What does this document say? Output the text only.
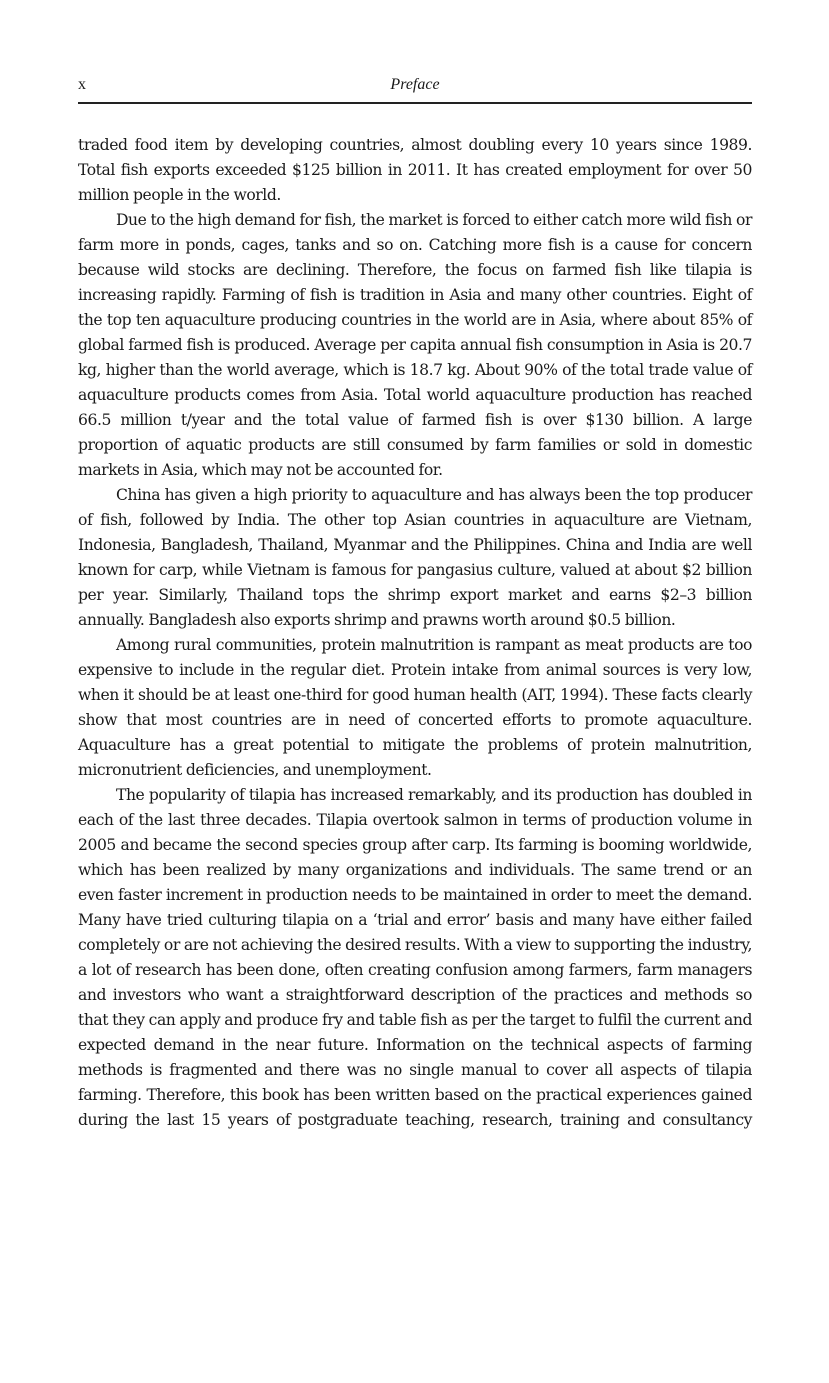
x	Preface

traded food item by developing countries, almost doubling every 10 years since 1989. Total fish exports exceeded $125 billion in 2011. It has created employment for over 50 million people in the world.

Due to the high demand for fish, the market is forced to either catch more wild fish or farm more in ponds, cages, tanks and so on. Catching more fish is a cause for concern because wild stocks are declining. Therefore, the focus on farmed fish like tilapia is increasing rapidly. Farming of fish is tradition in Asia and many other countries. Eight of the top ten aquaculture producing countries in the world are in Asia, where about 85% of global farmed fish is produced. Average per capita annual fish consumption in Asia is 20.7 kg, higher than the world average, which is 18.7 kg. About 90% of the total trade value of aquaculture products comes from Asia. Total world aquaculture production has reached 66.5 million t/year and the total value of farmed fish is over $130 billion. A large proportion of aquatic products are still consumed by farm families or sold in domestic markets in Asia, which may not be accounted for.

China has given a high priority to aquaculture and has always been the top producer of fish, followed by India. The other top Asian countries in aquaculture are Vietnam, Indonesia, Bangladesh, Thailand, Myanmar and the Philippines. China and India are well known for carp, while Vietnam is famous for pangasius culture, valued at about $2 billion per year. Similarly, Thailand tops the shrimp export market and earns $2–3 billion annually. Bangladesh also exports shrimp and prawns worth around $0.5 billion.

Among rural communities, protein malnutrition is rampant as meat products are too expensive to include in the regular diet. Protein intake from animal sources is very low, when it should be at least one-third for good human health (AIT, 1994). These facts clearly show that most countries are in need of concerted efforts to promote aquaculture. Aquaculture has a great potential to mitigate the problems of protein malnutrition, micronutrient deficiencies, and unemployment.

The popularity of tilapia has increased remarkably, and its production has doubled in each of the last three decades. Tilapia overtook salmon in terms of production volume in 2005 and became the second species group after carp. Its farming is booming worldwide, which has been realized by many organizations and individuals. The same trend or an even faster increment in production needs to be maintained in order to meet the demand. Many have tried culturing tilapia on a ‘trial and error’ basis and many have either failed completely or are not achieving the desired results. With a view to supporting the industry, a lot of research has been done, often creating confusion among farmers, farm managers and investors who want a straightforward description of the practices and methods so that they can apply and produce fry and table fish as per the target to fulfil the current and expected demand in the near future. Information on the technical aspects of farming methods is fragmented and there was no single manual to cover all aspects of tilapia farming. Therefore, this book has been written based on the practical experiences gained during the last 15 years of postgraduate teaching, research, training and consultancy
